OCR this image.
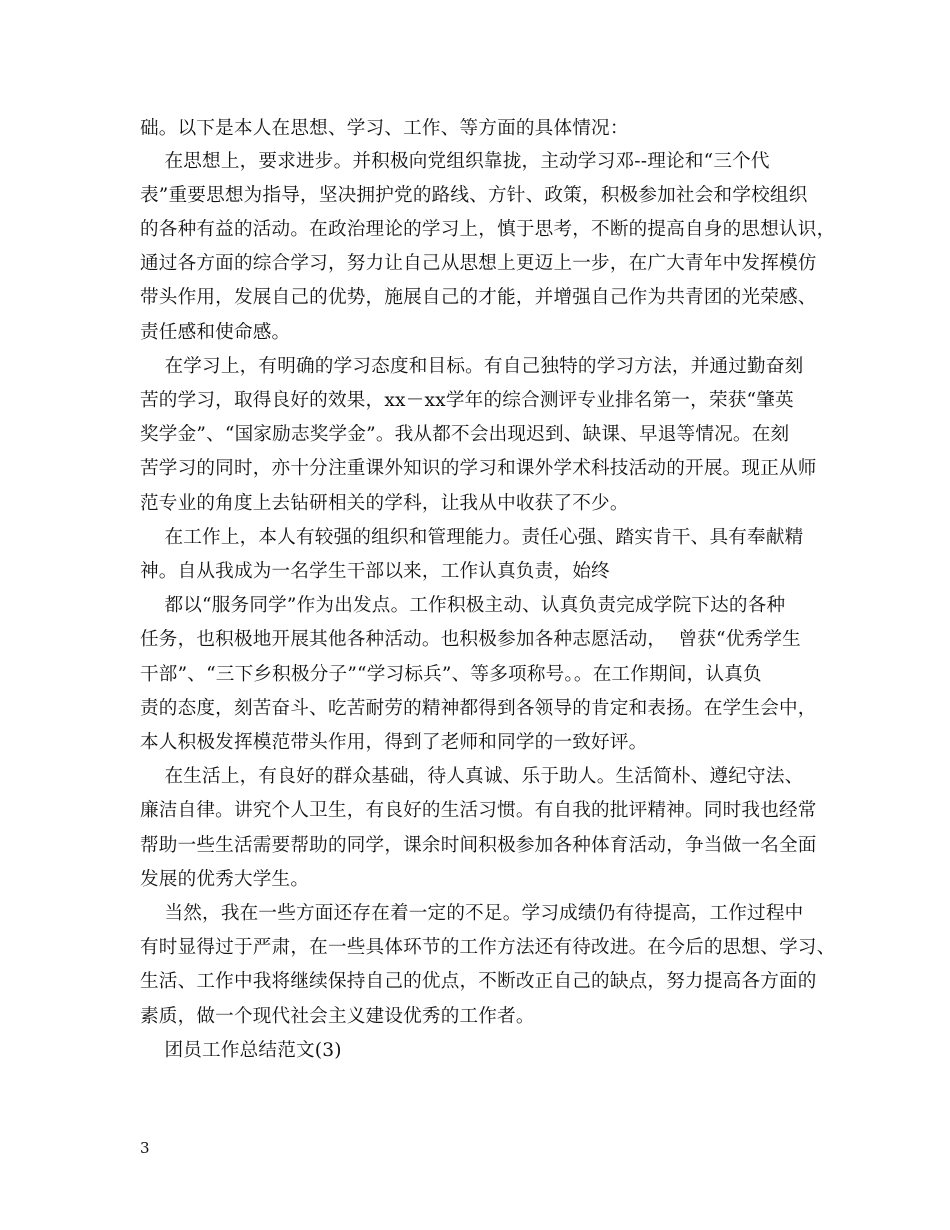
础。以下是本人在思想、学习、工作、等方面的具体情况：
在思想上，要求进步。并积极向党组织靠拢，主动学习邓--理论和“三个代
表”重要思想为指导，坚决拥护党的路线、方针、政策，积极参加社会和学校组织
的各种有益的活动。在政治理论的学习上，慎于思考，不断的提高自身的思想认识，
通过各方面的综合学习，努力让自己从思想上更迈上一步，在广大青年中发挥模仿
带头作用，发展自己的优势，施展自己的才能，并增强自己作为共青团的光荣感、
责任感和使命感。
在学习上，有明确的学习态度和目标。有自己独特的学习方法，并通过勤奋刻
苦的学习，取得良好的效果，xx－xx学年的综合测评专业排名第一，荣获“肇英
奖学金”、“国家励志奖学金”。我从都不会出现迟到、缺课、早退等情况。在刻
苦学习的同时，亦十分注重课外知识的学习和课外学术科技活动的开展。现正从师
范专业的角度上去钻研相关的学科，让我从中收获了不少。
在工作上，本人有较强的组织和管理能力。责任心强、踏实肯干、具有奉献精
神。自从我成为一名学生干部以来，工作认真负责，始终
都以“服务同学”作为出发点。工作积极主动、认真负责完成学院下达的各种
任务，也积极地开展其他各种活动。也积极参加各种志愿活动，  曾获“优秀学生
干部”、“三下乡积极分子”“学习标兵”、等多项称号。。在工作期间，认真负
责的态度，刻苦奋斗、吃苦耐劳的精神都得到各领导的肯定和表扬。在学生会中，
本人积极发挥模范带头作用，得到了老师和同学的一致好评。
在生活上，有良好的群众基础，待人真诚、乐于助人。生活简朴、遵纪守法、
廉洁自律。讲究个人卫生，有良好的生活习惯。有自我的批评精神。同时我也经常
帮助一些生活需要帮助的同学，课余时间积极参加各种体育活动，争当做一名全面
发展的优秀大学生。
当然，我在一些方面还存在着一定的不足。学习成绩仍有待提高，工作过程中
有时显得过于严肃，在一些具体环节的工作方法还有待改进。在今后的思想、学习、
生活、工作中我将继续保持自己的优点，不断改正自己的缺点，努力提高各方面的
素质，做一个现代社会主义建设优秀的工作者。
团员工作总结范文(3)
3
